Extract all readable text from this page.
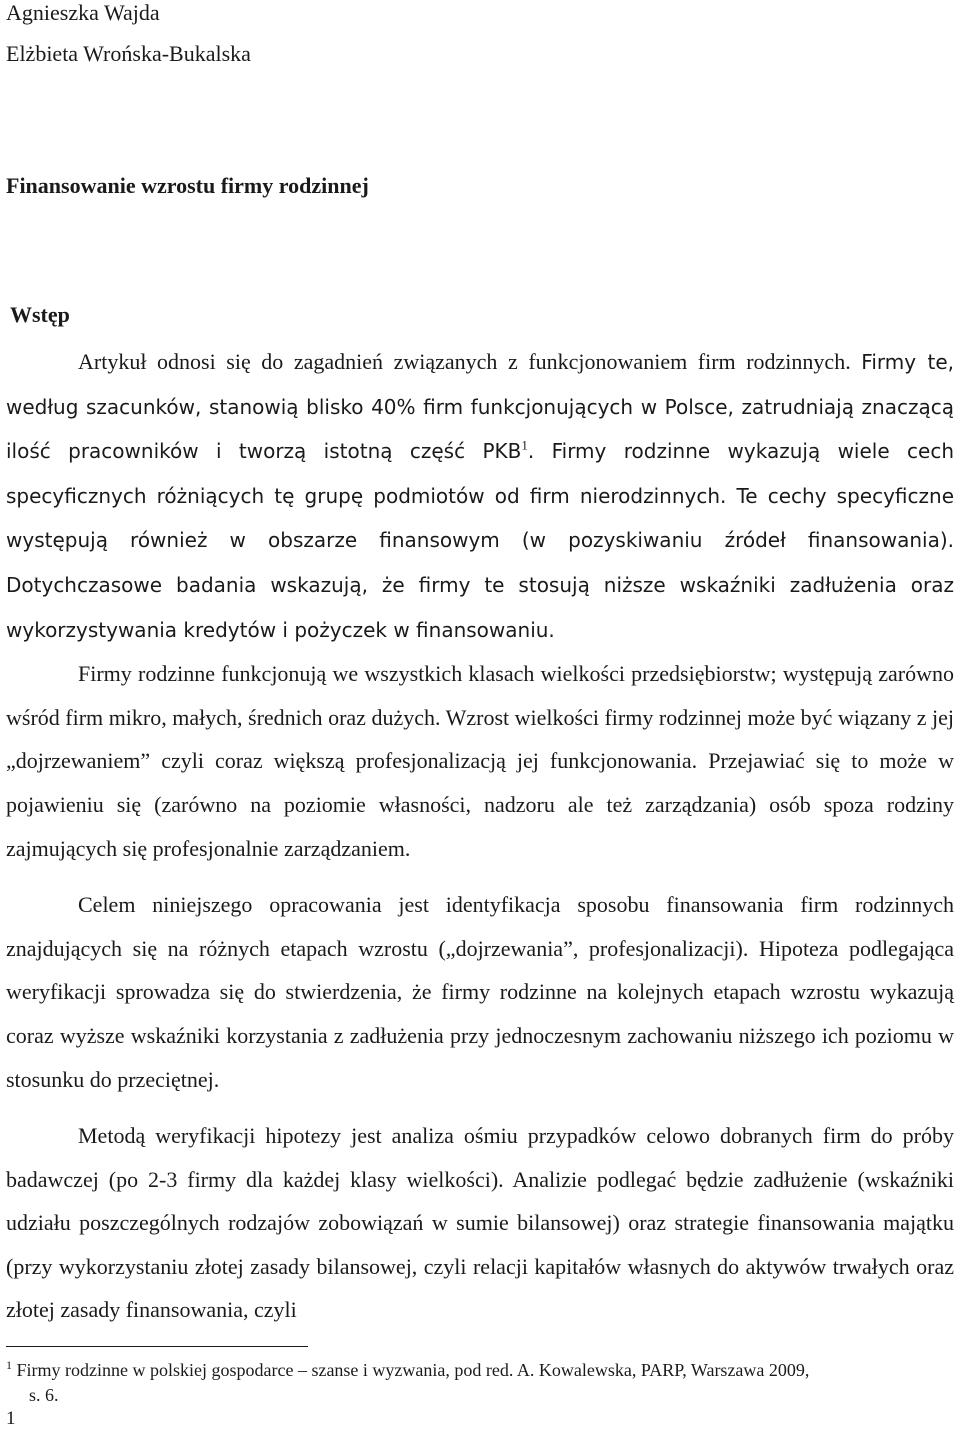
Agnieszka Wajda
Elżbieta Wrońska-Bukalska
Finansowanie wzrostu firmy rodzinnej
Wstęp

Artykuł odnosi się do zagadnień związanych z funkcjonowaniem firm rodzinnych. Firmy te, według szacunków, stanowią blisko 40% firm funkcjonujących w Polsce, zatrudniają znaczącą ilość pracowników i tworzą istotną część PKB$^1$. Firmy rodzinne wykazują wiele cech specyficznych różniących tę grupę podmiotów od firm nierodzinnych. Te cechy specyficzne występują również w obszarze finansowym (w pozyskiwaniu źródeł finansowania). Dotychczasowe badania wskazują, że firmy te stosują niższe wskaźniki zadłużenia oraz wykorzystywania kredytów i pożyczek w finansowaniu.

Firmy rodzinne funkcjonują we wszystkich klasach wielkości przedsiębiorstw; występują zarówno wśród firm mikro, małych, średnich oraz dużych. Wzrost wielkości firmy rodzinnej może być wiązany z jej „dojrzewaniem” czyli coraz większą profesjonalizacją jej funkcjonowania. Przejawiać się to może w pojawieniu się (zarówno na poziomie własności, nadzoru ale też zarządzania) osób spoza rodziny zajmujących się profesjonalnie zarządzaniem.

Celem niniejszego opracowania jest identyfikacja sposobu finansowania firm rodzinnych znajdujących się na różnych etapach wzrostu („dojrzewania”, profesjonalizacji). Hipoteza podlegająca weryfikacji sprowadza się do stwierdzenia, że firmy rodzinne na kolejnych etapach wzrostu wykazują coraz wyższe wskaźniki korzystania z zadłużenia przy jednoczesnym zachowaniu niższego ich poziomu w stosunku do przeciętnej.

Metodą weryfikacji hipotezy jest analiza ośmiu przypadków celowo dobranych firm do próby badawczej (po 2-3 firmy dla każdej klasy wielkości). Analizie podlegać będzie zadłużenie (wskaźniki udziału poszczególnych rodzajów zobowiązań w sumie bilansowej) oraz strategie finansowania majątku (przy wykorzystaniu złotej zasady bilansowej, czyli relacji kapitałów własnych do aktywów trwałych oraz złotej zasady finansowania, czyli

$^1$ Firmy rodzinne w polskiej gospodarce – szanse i wyzwania, pod red. A. Kowalewska, PARP, Warszawa 2009,
s. 6.
1
